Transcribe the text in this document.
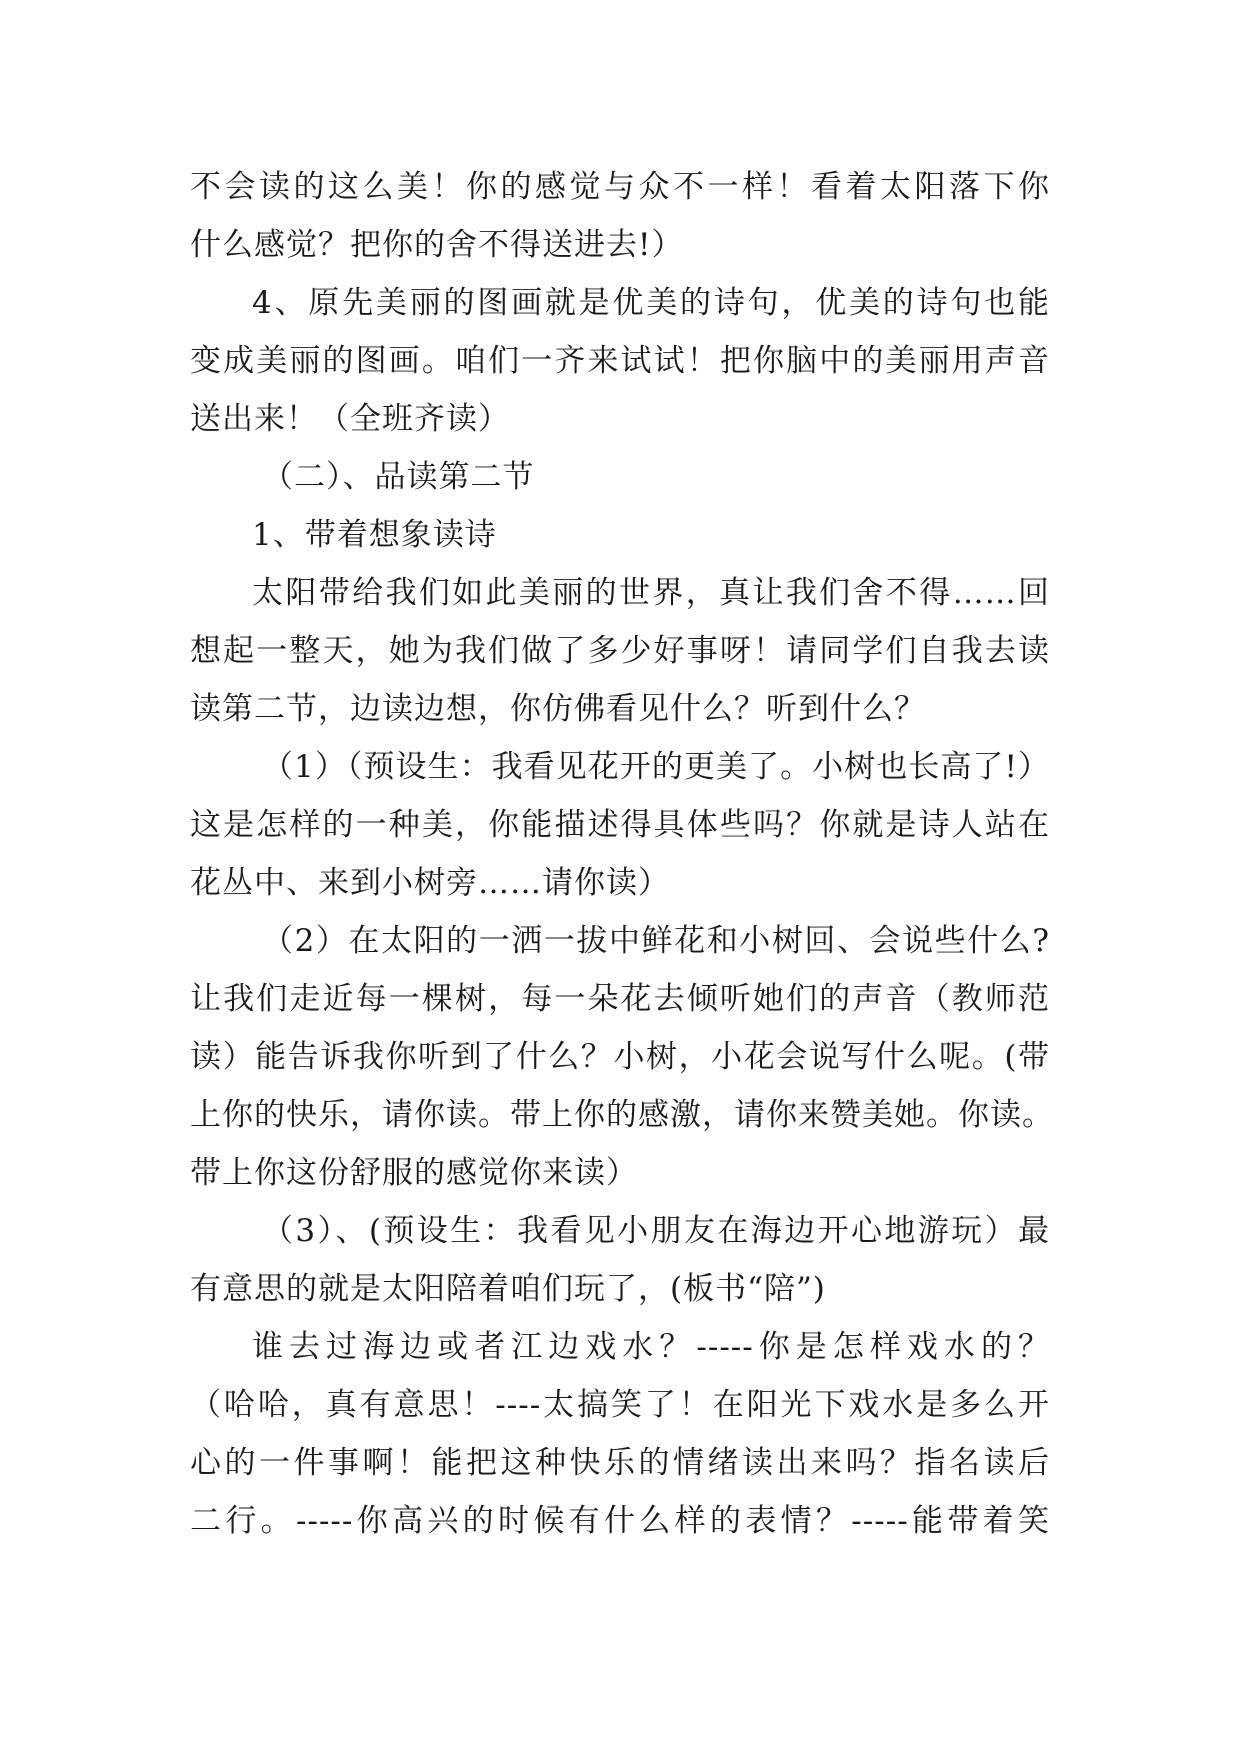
不会读的这么美！你的感觉与众不一样！看着太阳落下你
什么感觉？把你的舍不得送进去!）
4、原先美丽的图画就是优美的诗句，优美的诗句也能
变成美丽的图画。咱们一齐来试试！把你脑中的美丽用声音
送出来！（全班齐读）
（二）、品读第二节
1、带着想象读诗
太阳带给我们如此美丽的世界，真让我们舍不得……回
想起一整天，她为我们做了多少好事呀！请同学们自我去读
读第二节，边读边想，你仿佛看见什么？听到什么？
（1）（预设生：我看见花开的更美了。小树也长高了!）
这是怎样的一种美，你能描述得具体些吗？你就是诗人站在
花丛中、来到小树旁……请你读）
（2）在太阳的一洒一拔中鲜花和小树回、会说些什么?
让我们走近每一棵树，每一朵花去倾听她们的声音（教师范
读）能告诉我你听到了什么？小树，小花会说写什么呢。(带
上你的快乐，请你读。带上你的感激，请你来赞美她。你读。
带上你这份舒服的感觉你来读）
（3）、(预设生：我看见小朋友在海边开心地游玩）最
有意思的就是太阳陪着咱们玩了，(板书“陪”)
谁去过海边或者江边戏水？-----你是怎样戏水的？
（哈哈，真有意思！----太搞笑了！在阳光下戏水是多么开
心的一件事啊！能把这种快乐的情绪读出来吗？指名读后
二行。-----你高兴的时候有什么样的表情？-----能带着笑
